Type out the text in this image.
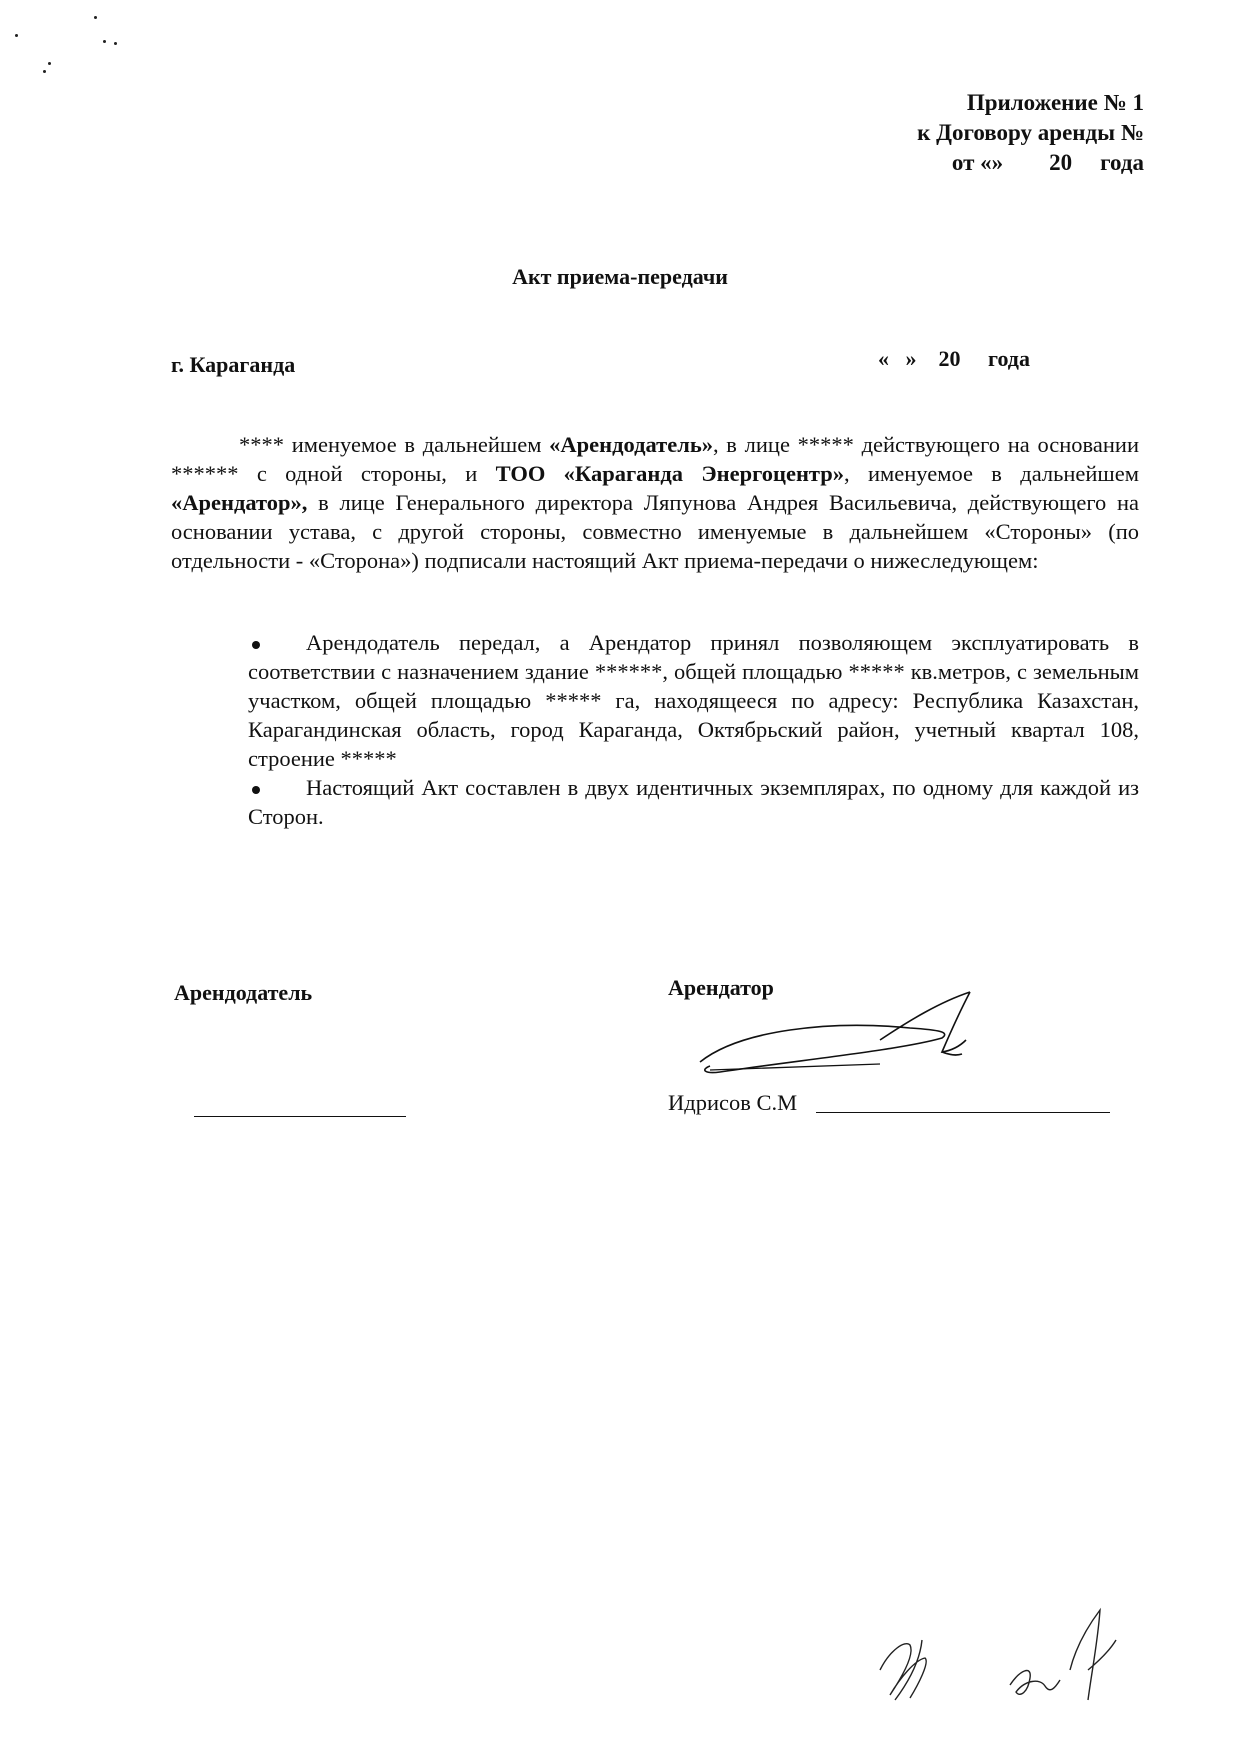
Приложение № 1
к Договору аренды №
от «» 20 года
Акт приема-передачи
г. Караганда	«   » 20 года
**** именуемое в дальнейшем «Арендодатель», в лице ***** действующего на основании ****** с одной стороны, и ТОО «Караганда Энергоцентр», именуемое в дальнейшем «Арендатор», в лице Генерального директора Ляпунова Андрея Васильевича, действующего на основании устава, с другой стороны, совместно именуемые в дальнейшем «Стороны» (по отдельности - «Сторона») подписали настоящий Акт приема-передачи о нижеследующем:
Арендодатель передал, а Арендатор принял позволяющем эксплуатировать в соответствии с назначением здание ******, общей площадью ***** кв.метров, с земельным участком, общей площадью ***** га, находящееся по адресу: Республика Казахстан, Карагандинская область, город Караганда, Октябрьский район, учетный квартал 108, строение *****
Настоящий Акт составлен в двух идентичных экземплярах, по одному для каждой из Сторон.
Арендодатель	Арендатор
Идрисов С.М
